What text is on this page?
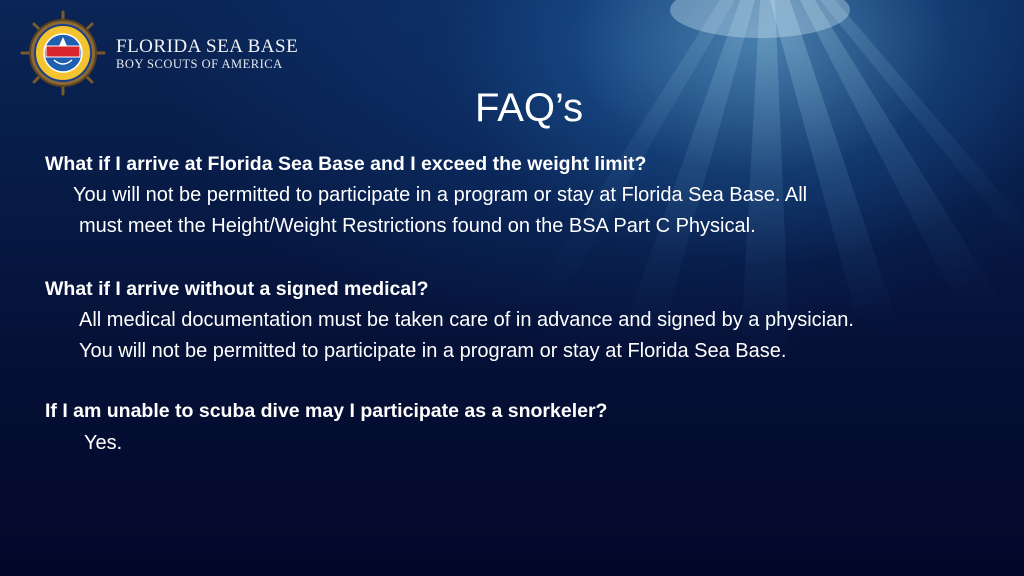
FLORIDA SEA BASE
BOY SCOUTS OF AMERICA
FAQ’s
What if I arrive at Florida Sea Base and I exceed the weight limit?
You will not be permitted to participate in a program or stay at Florida Sea Base. All
must meet the Height/Weight Restrictions found on the BSA Part C Physical.
What if I arrive without a signed medical?
All medical documentation must be taken care of in advance and signed by a physician.
You will not be permitted to participate in a program or stay at Florida Sea Base.
If I am unable to scuba dive may I participate as a snorkeler?
Yes.
